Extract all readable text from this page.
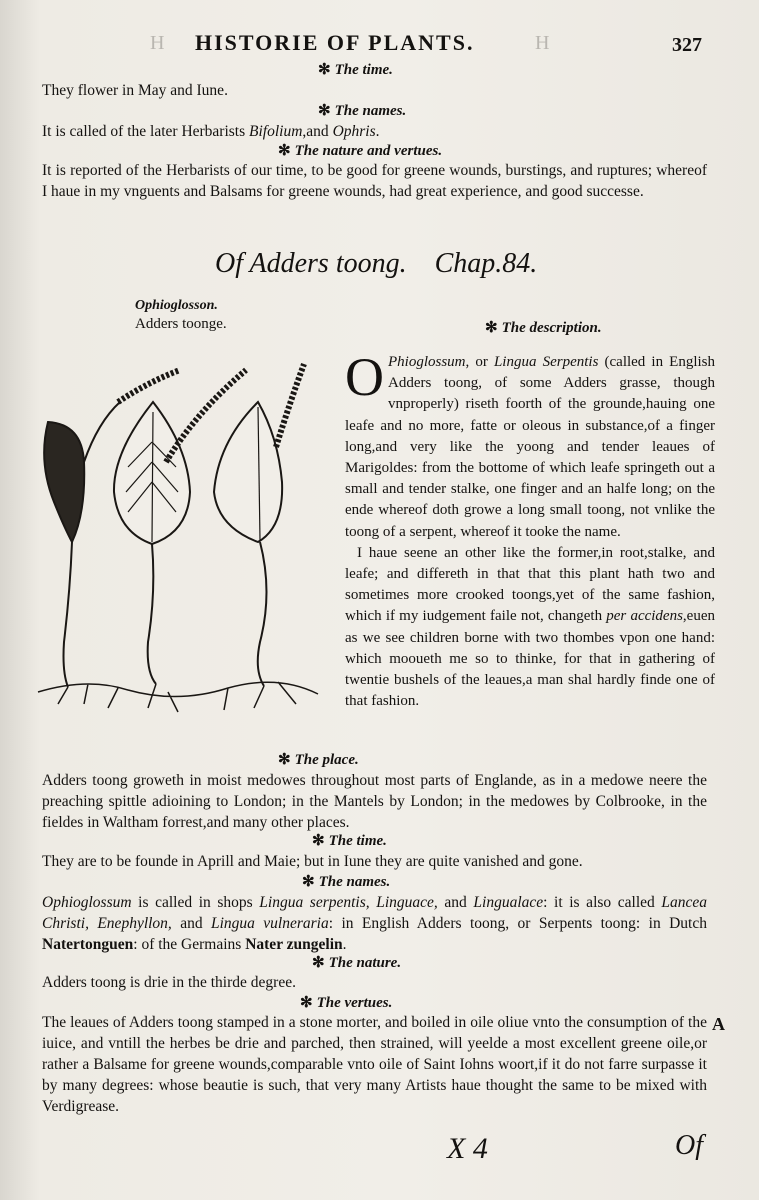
H HISTORIE OF PLANTS.	H	327
✻ The time.
They flower in May and Iune.
✻ The names.
It is called of the later Herbarists Bifolium,and Ophris.
✻ The nature and vertues.

It is reported of the Herbarists of our time, to be good for greene wounds, burstings, and ruptures; whereof I haue in my vnguents and Balsams for greene wounds, had great experience, and good successe.

Of Adders toong. Chap.84.
Ophioglosson.
Adders toonge.	✻ The description.

O Phioglossum, or Lingua Serpentis (called in English Adders toong, of some Adders grasse, though vnproperly) riseth foorth of the grounde,hauing one leafe and no more, fatte or oleous in substance,of a finger long,and very like the yoong and tender leaues of Marigoldes: from the bottome of which leafe springeth out a small and tender stalke, one finger and an halfe long; on the ende whereof doth growe a long small toong, not vnlike the toong of a serpent, whereof it tooke the name.

I haue seene an other like the former,in root,stalke, and leafe; and differeth in that that this plant hath two and sometimes more crooked toongs,yet of the same fashion, which if my iudgement faile not, changeth per accidens,euen as we see children borne with two thombes vpon one hand: which mooueth me so to thinke, for that in gathering of twentie bushels of the leaues,a man shal hardly finde one of that fashion.

✻ The place.

Adders toong groweth in moist medowes throughout most parts of Englande, as in a medowe neere the preaching spittle adioining to London; in the Mantels by London; in the medowes by Colbrooke, in the fieldes in Waltham forrest,and many other places.

✻ The time.

They are to be founde in Aprill and Maie; but in Iune they are quite vanished and gone.

✻ The names.

Ophioglossum is called in shops Lingua serpentis, Linguace, and Lingualace: it is also called Lancea Christi, Enephyllon, and Lingua vulneraria: in English Adders toong, or Serpents toong: in Dutch Natertonguen: of the Germains Nater zungelin.

✻ The nature.

Adders toong is drie in the thirde degree.

✻ The vertues.

The leaues of Adders toong stamped in a stone morter, and boiled in oile oliue vnto the consumption of the iuice, and vntill the herbes be drie and parched, then strained, will yeelde a most excellent greene oile,or rather a Balsame for greene wounds,comparable vnto oile of Saint Iohns woort,if it do not farre surpasse it by many degrees: whose beautie is such, that very many Artists haue thought the same to be mixed with Verdigrease.

A
X 4	Of
